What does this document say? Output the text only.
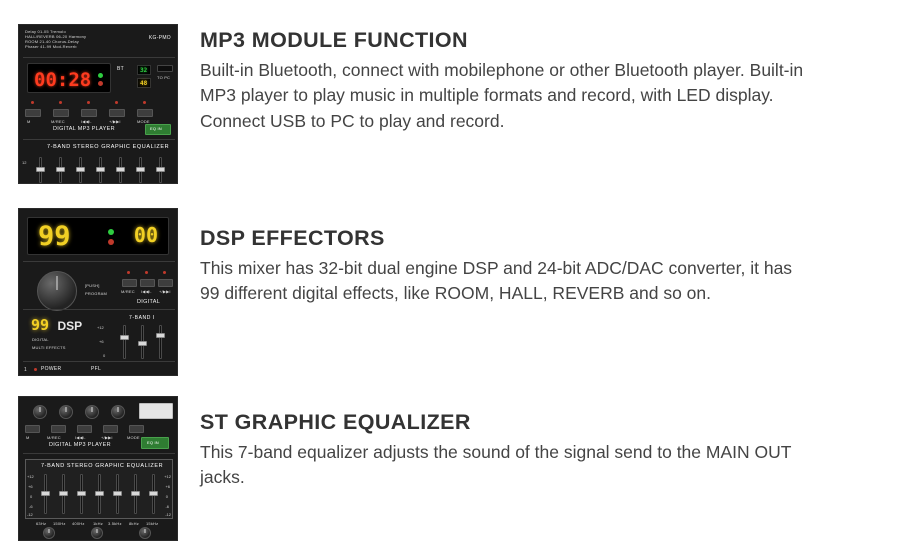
Delay 01-05 Tremolo
HALL/REVERB 06-20 Harmony
ROOM 21-40 Chorus-Delay
Phaser 41-99 Mod-Reverb
KG-PMO
00:28	32
48
BT
TO PC
M	M/REC	I◀◀/-	+/▶▶I	MODE
DIGITAL MP3 PLAYER	EQ IN
7-BAND STEREO GRAPHIC EQUALIZER
12
MP3 MODULE FUNCTION

Built-in Bluetooth, connect with mobilephone or other Bluetooth player. Built-in MP3 player to play music in multiple formats and record, with LED display. Connect USB to PC to play and record.

99	00
[PUSH]
PROGRAM	M/REC I◀◀/- +/▶▶I
DIGITAL
99 DSP
DIGITAL
MULTI EFFECTS
7-BAND I
+12
+6
0
1	POWER	PFL
DSP EFFECTORS

This mixer has 32-bit dual engine DSP and 24-bit ADC/DAC converter, it has 99 different digital effects, like ROOM, HALL, REVERB and so on.

M	M/REC	I◀◀/-	+/▶▶I	MODE
DIGITAL MP3 PLAYER	EQ IN
7-BAND STEREO GRAPHIC EQUALIZER
+12
+6
0
-6
-12
+12
+6
0
-6
-12
63Hz 150Hz 400Hz 1kHz 3.5kHz 8kHz 15kHz
ST GRAPHIC EQUALIZER

This 7-band equalizer adjusts the sound of the signal send to the MAIN OUT jacks.
